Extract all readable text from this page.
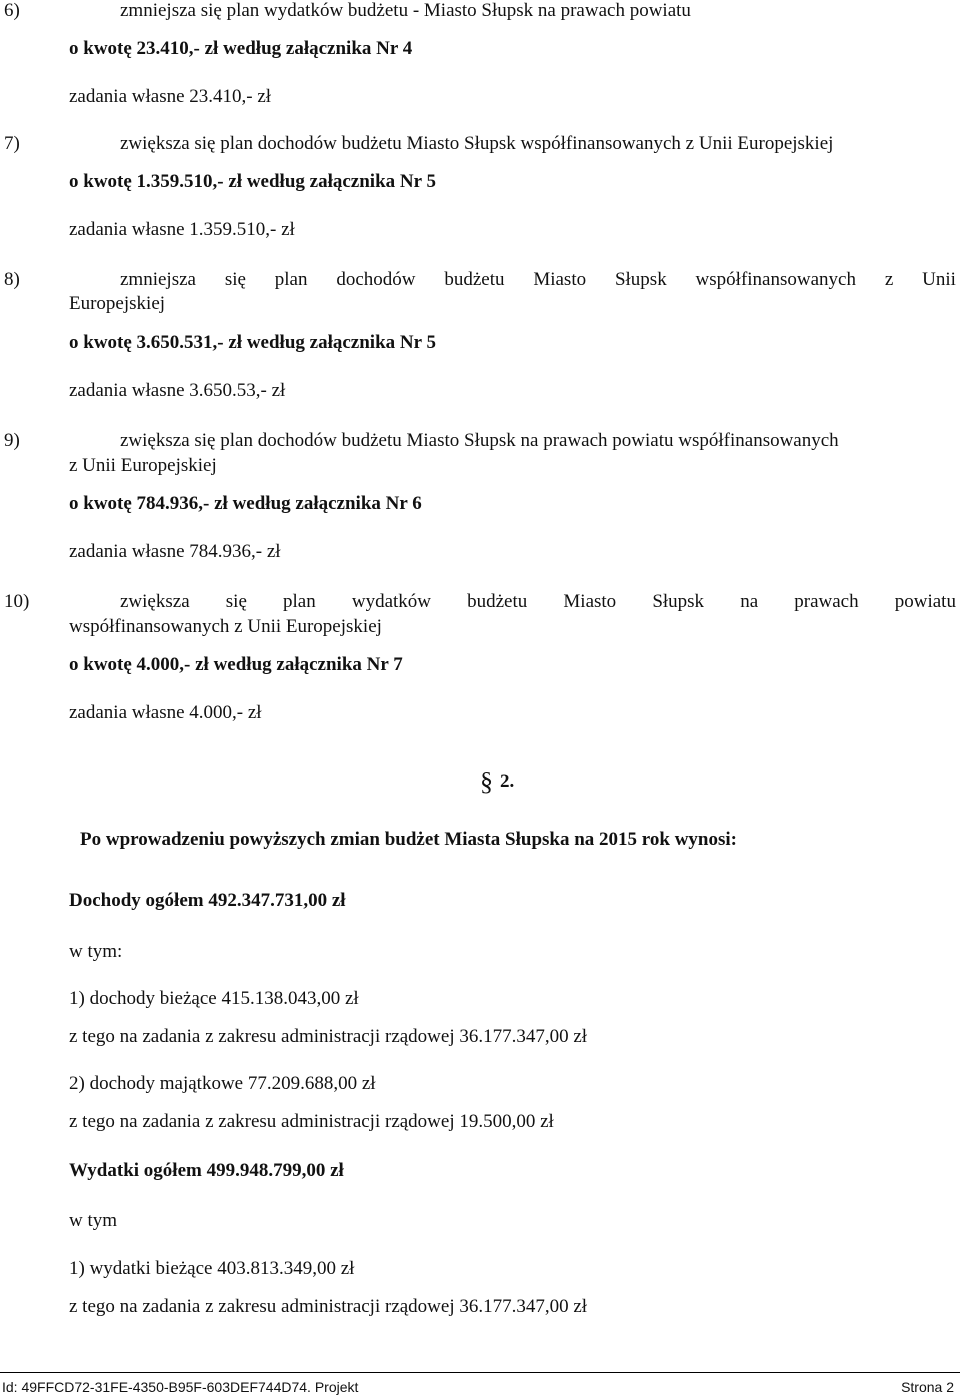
6)	zmniejsza się plan wydatków budżetu - Miasto Słupsk na prawach powiatu
o kwotę 23.410,- zł według załącznika Nr 4
zadania własne 23.410,- zł
7)	zwiększa się plan dochodów budżetu Miasto Słupsk współfinansowanych z Unii Europejskiej
o kwotę 1.359.510,- zł według załącznika Nr 5
zadania własne 1.359.510,- zł
8)	zmniejsza się plan dochodów budżetu Miasto Słupsk współfinansowanych z Unii
Europejskiej
o kwotę 3.650.531,- zł według załącznika Nr 5
zadania własne 3.650.53,- zł
9)	zwiększa się plan dochodów budżetu Miasto Słupsk na prawach powiatu współfinansowanych
z Unii Europejskiej
o kwotę 784.936,- zł według załącznika Nr 6
zadania własne 784.936,- zł
10)	zwiększa się plan wydatków budżetu Miasto Słupsk na prawach powiatu
współfinansowanych z Unii Europejskiej
o kwotę 4.000,- zł według załącznika Nr 7
zadania własne 4.000,- zł
§ 2.
Po wprowadzeniu powyższych zmian budżet Miasta Słupska na 2015 rok wynosi:
Dochody ogółem 492.347.731,00 zł
w tym:
1) dochody bieżące 415.138.043,00 zł
z tego na zadania z zakresu administracji rządowej 36.177.347,00 zł
2) dochody majątkowe 77.209.688,00 zł
z tego na zadania z zakresu administracji rządowej 19.500,00 zł
Wydatki ogółem 499.948.799,00 zł
w tym
1) wydatki bieżące 403.813.349,00 zł
z tego na zadania z zakresu administracji rządowej 36.177.347,00 zł
Id: 49FFCD72-31FE-4350-B95F-603DEF744D74. Projekt	Strona 2
